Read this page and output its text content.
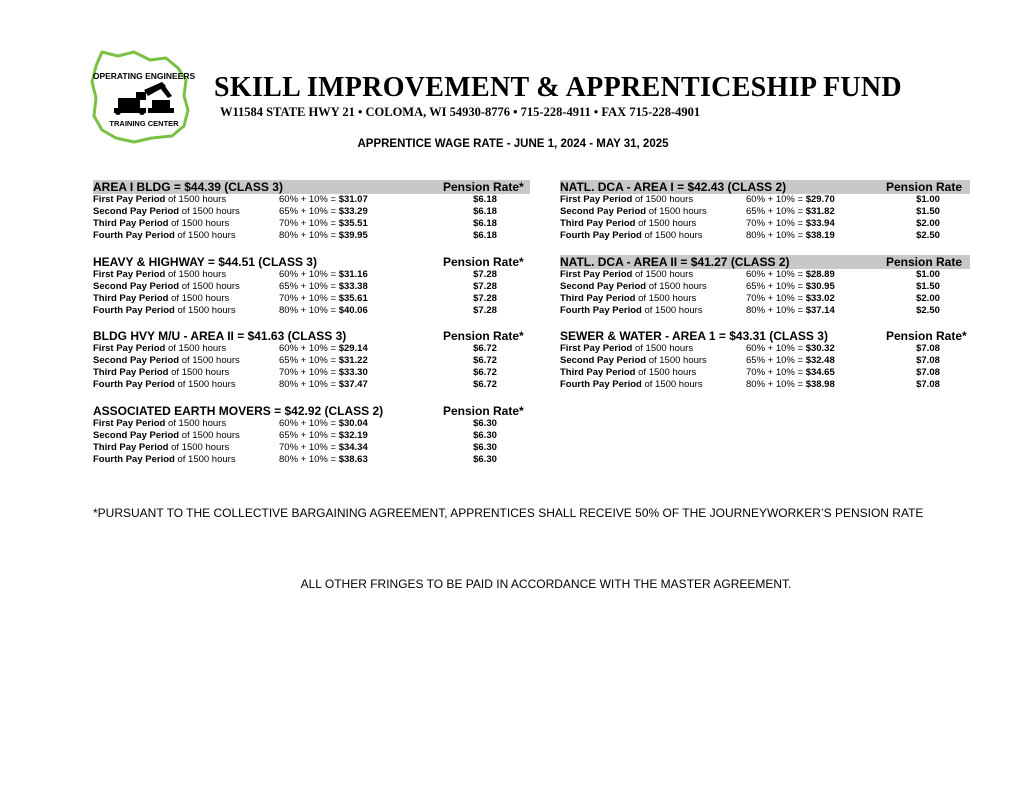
OPERATING ENGINEERS
TRAINING CENTER
SKILL IMPROVEMENT & APPRENTICESHIP FUND
W11584 STATE HWY 21 • COLOMA, WI 54930-8776 • 715-228-4911 • FAX 715-228-4901
APPRENTICE WAGE RATE - JUNE 1, 2024 - MAY 31, 2025
AREA I BLDG = $44.39 (CLASS 3)	Pension Rate*
First Pay Period of 1500 hours	60% + 10% = $31.07	$6.18
Second Pay Period of 1500 hours	65% + 10% = $33.29	$6.18
Third Pay Period of 1500 hours	70% + 10% = $35.51	$6.18
Fourth Pay Period of 1500 hours	80% + 10% = $39.95	$6.18
NATL. DCA - AREA I = $42.43 (CLASS 2)	Pension Rate
First Pay Period of 1500 hours	60% + 10% = $29.70	$1.00
Second Pay Period of 1500 hours	65% + 10% = $31.82	$1.50
Third Pay Period of 1500 hours	70% + 10% = $33.94	$2.00
Fourth Pay Period of 1500 hours	80% + 10% = $38.19	$2.50
HEAVY & HIGHWAY = $44.51 (CLASS 3)	Pension Rate*
First Pay Period of 1500 hours	60% + 10% = $31.16	$7.28
Second Pay Period of 1500 hours	65% + 10% = $33.38	$7.28
Third Pay Period of 1500 hours	70% + 10% = $35.61	$7.28
Fourth Pay Period of 1500 hours	80% + 10% = $40.06	$7.28
NATL. DCA - AREA II = $41.27 (CLASS 2)	Pension Rate
First Pay Period of 1500 hours	60% + 10% = $28.89	$1.00
Second Pay Period of 1500 hours	65% + 10% = $30.95	$1.50
Third Pay Period of 1500 hours	70% + 10% = $33.02	$2.00
Fourth Pay Period of 1500 hours	80% + 10% = $37.14	$2.50
BLDG HVY M/U - AREA II = $41.63 (CLASS 3)	Pension Rate*
First Pay Period of 1500 hours	60% + 10% = $29.14	$6.72
Second Pay Period of 1500 hours	65% + 10% = $31.22	$6.72
Third Pay Period of 1500 hours	70% + 10% = $33.30	$6.72
Fourth Pay Period of 1500 hours	80% + 10% = $37.47	$6.72
SEWER & WATER - AREA 1 = $43.31 (CLASS 3)	Pension Rate*
First Pay Period of 1500 hours	60% + 10% = $30.32	$7.08
Second Pay Period of 1500 hours	65% + 10% = $32.48	$7.08
Third Pay Period of 1500 hours	70% + 10% = $34.65	$7.08
Fourth Pay Period of 1500 hours	80% + 10% = $38.98	$7.08
ASSOCIATED EARTH MOVERS = $42.92 (CLASS 2)	Pension Rate*
First Pay Period of 1500 hours	60% + 10% = $30.04	$6.30
Second Pay Period of 1500 hours	65% + 10% = $32.19	$6.30
Third Pay Period of 1500 hours	70% + 10% = $34.34	$6.30
Fourth Pay Period of 1500 hours	80% + 10% = $38.63	$6.30
*PURSUANT TO THE COLLECTIVE BARGAINING AGREEMENT, APPRENTICES SHALL RECEIVE 50% OF THE JOURNEYWORKER’S PENSION RATE
ALL OTHER FRINGES TO BE PAID IN ACCORDANCE WITH THE MASTER AGREEMENT.
